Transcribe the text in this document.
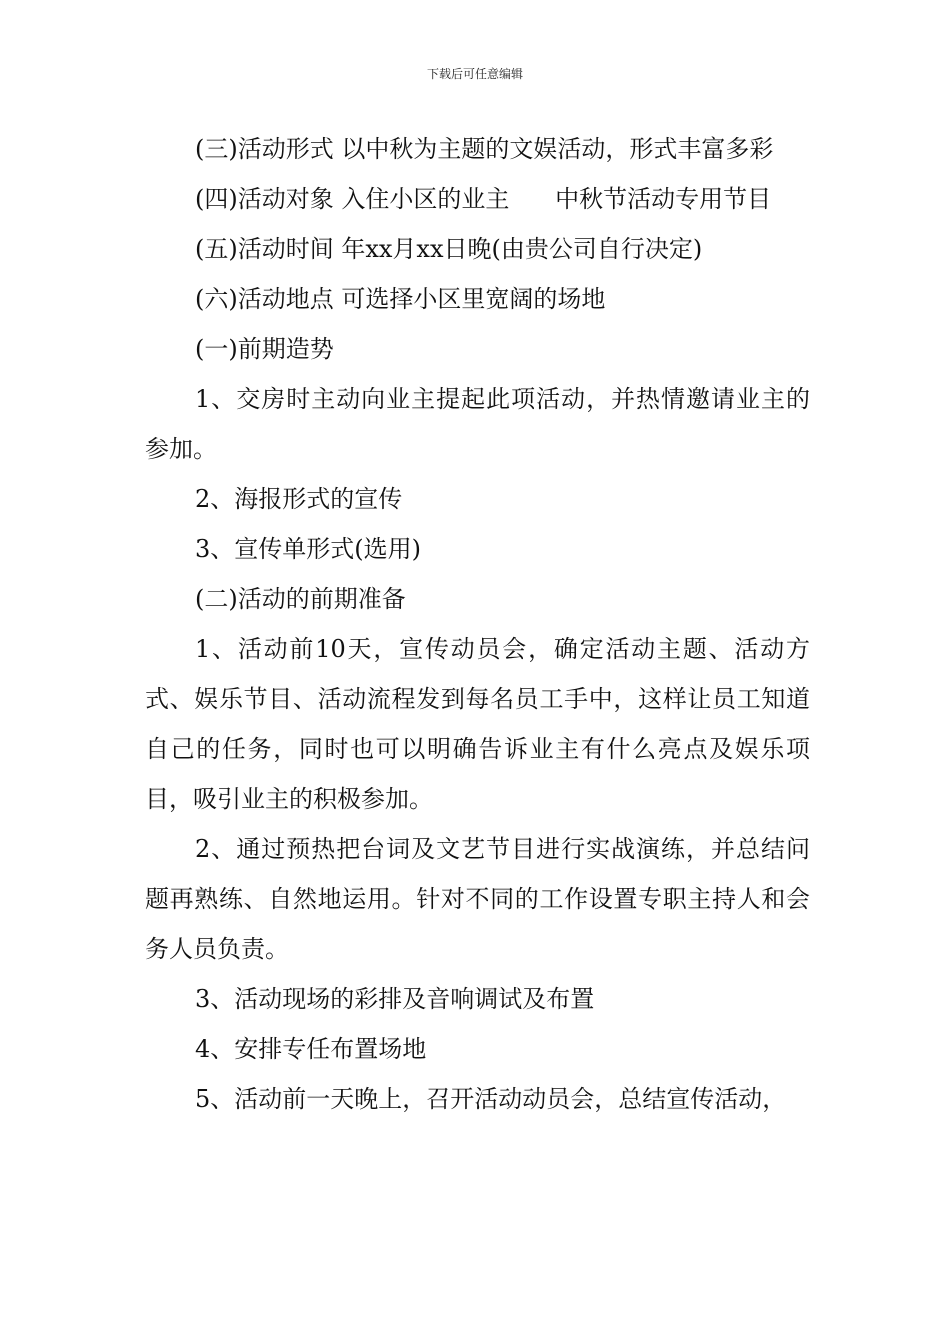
下载后可任意编辑

(三)活动形式 以中秋为主题的文娱活动，形式丰富多彩

(四)活动对象 入住小区的业主      中秋节活动专用节目

(五)活动时间 年xx月xx日晚(由贵公司自行决定)

(六)活动地点 可选择小区里宽阔的场地

(一)前期造势

1、交房时主动向业主提起此项活动，并热情邀请业主的参加。

2、海报形式的宣传

3、宣传单形式(选用)

(二)活动的前期准备

1、活动前10天，宣传动员会，确定活动主题、活动方式、娱乐节目、活动流程发到每名员工手中，这样让员工知道自己的任务，同时也可以明确告诉业主有什么亮点及娱乐项目，吸引业主的积极参加。

2、通过预热把台词及文艺节目进行实战演练，并总结问题再熟练、自然地运用。针对不同的工作设置专职主持人和会务人员负责。

3、活动现场的彩排及音响调试及布置

4、安排专任布置场地

5、活动前一天晚上，召开活动动员会，总结宣传活动，
